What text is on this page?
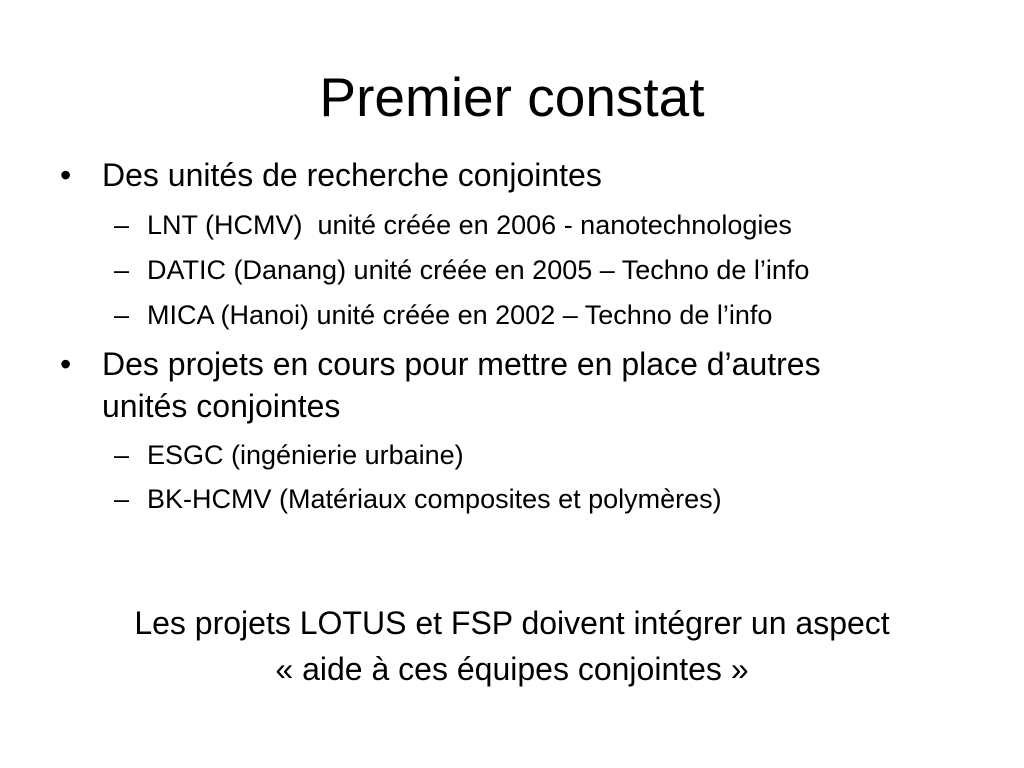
Premier constat
• Des unités de recherche conjointes
– LNT (HCMV)  unité créée en 2006 - nanotechnologies
– DATIC (Danang) unité créée en 2005 – Techno de l’info
– MICA (Hanoi) unité créée en 2002 – Techno de l’info
• Des projets en cours pour mettre en place d’autres
unités conjointes
– ESGC (ingénierie urbaine)
– BK-HCMV (Matériaux composites et polymères)
Les projets LOTUS et FSP doivent intégrer un aspect
« aide à ces équipes conjointes »
